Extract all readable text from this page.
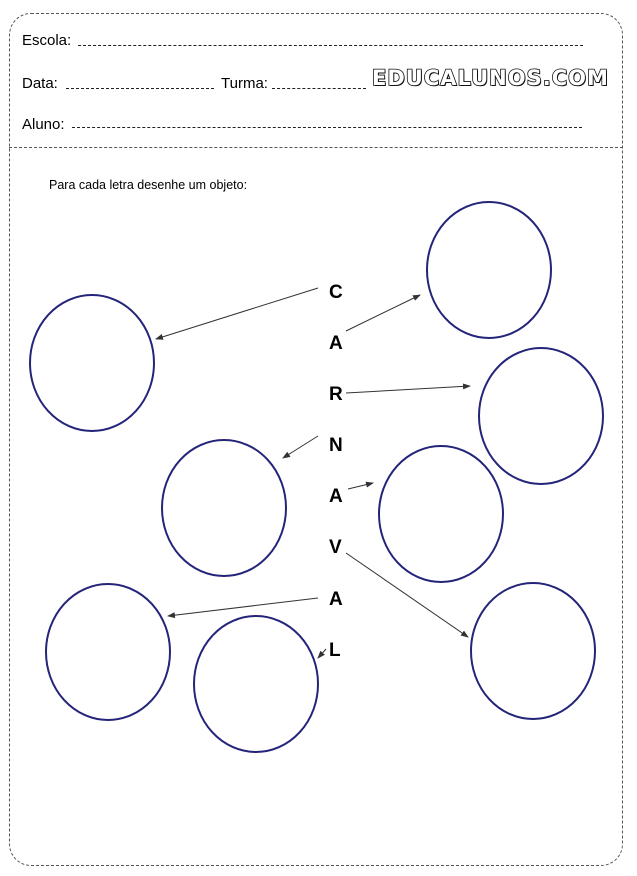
Escola:
Data:	Turma:	EDUCALUNOS.COM
Aluno:
Para cada letra desenhe um objeto:
C
A
R
N
A
V
A
L
